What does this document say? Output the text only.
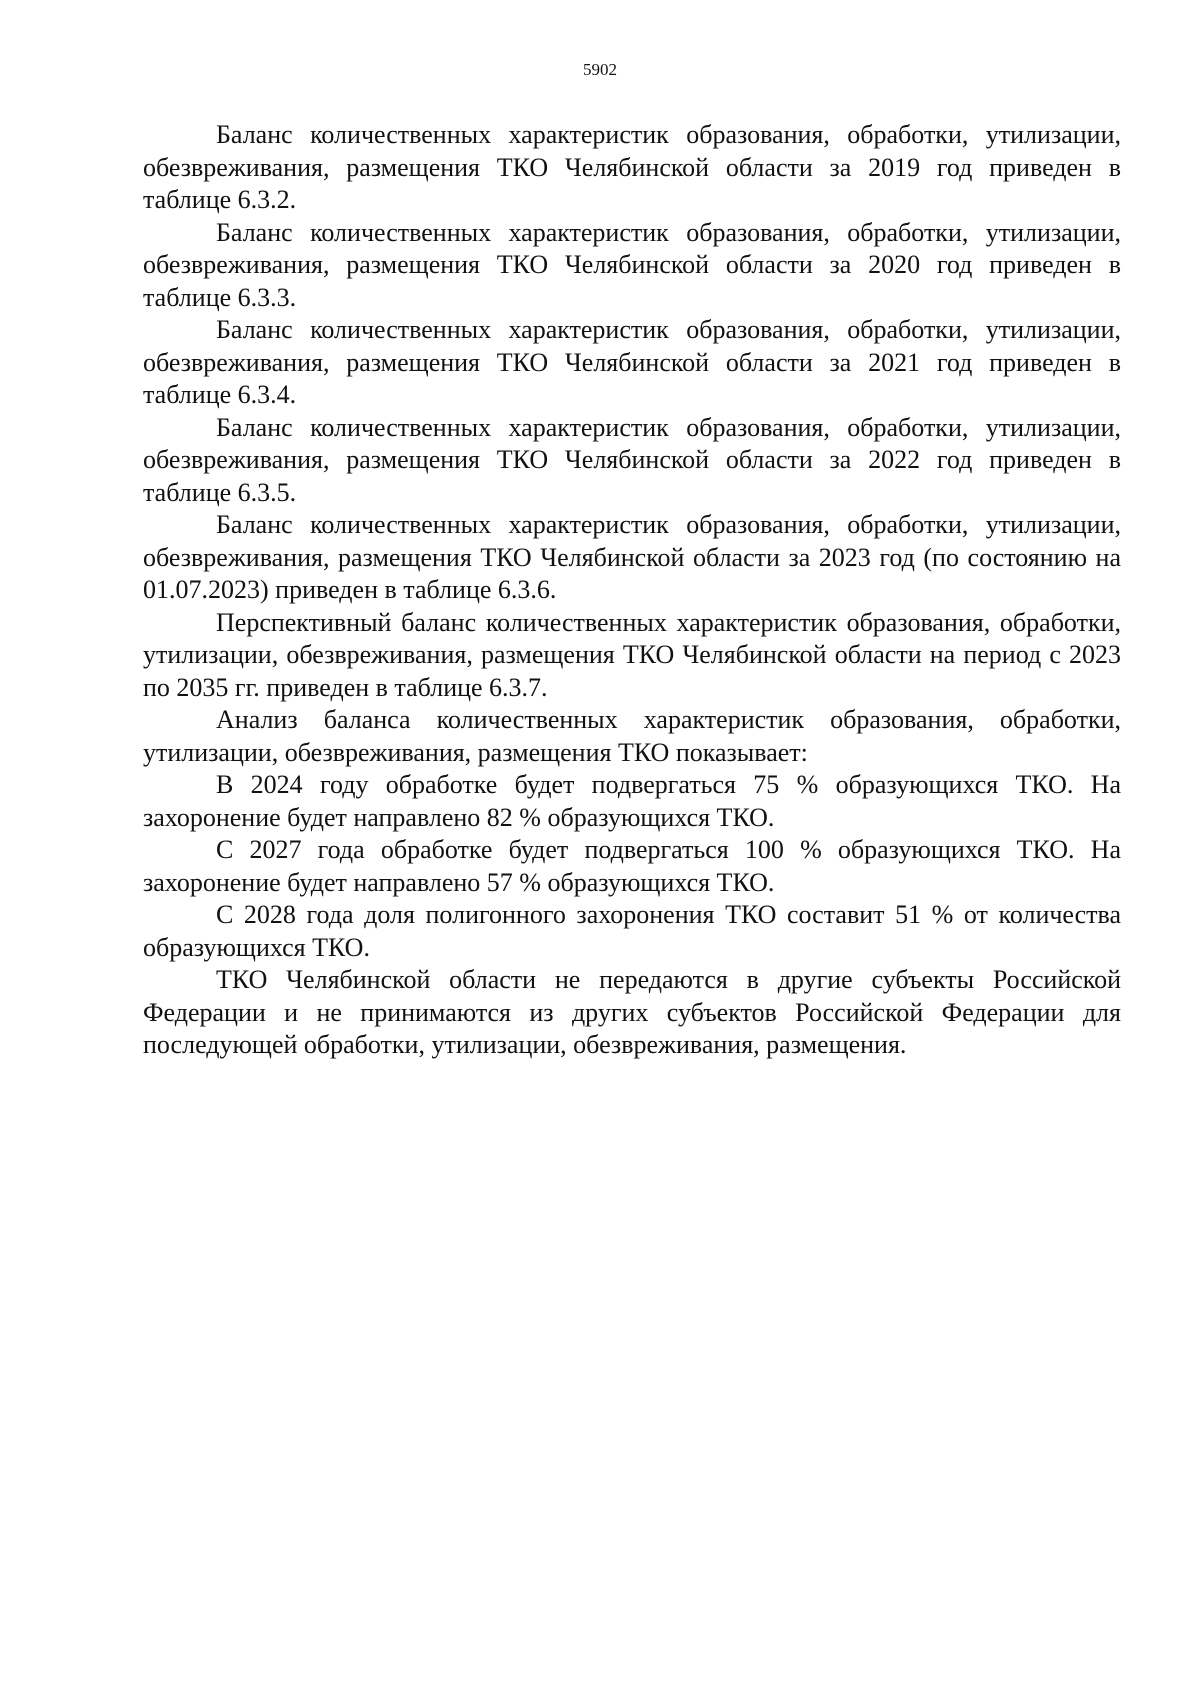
5902

Баланс количественных характеристик образования, обработки, утилизации, обезвреживания, размещения ТКО Челябинской области за 2019 год приведен в таблице 6.3.2.

Баланс количественных характеристик образования, обработки, утилизации, обезвреживания, размещения ТКО Челябинской области за 2020 год приведен в таблице 6.3.3.

Баланс количественных характеристик образования, обработки, утилизации, обезвреживания, размещения ТКО Челябинской области за 2021 год приведен в таблице 6.3.4.

Баланс количественных характеристик образования, обработки, утилизации, обезвреживания, размещения ТКО Челябинской области за 2022 год приведен в таблице 6.3.5.

Баланс количественных характеристик образования, обработки, утилизации, обезвреживания, размещения ТКО Челябинской области за 2023 год (по состоянию на 01.07.2023) приведен в таблице 6.3.6.

Перспективный баланс количественных характеристик образования, обработки, утилизации, обезвреживания, размещения ТКО Челябинской области на период с 2023 по 2035 гг. приведен в таблице 6.3.7.

Анализ баланса количественных характеристик образования, обработки, утилизации, обезвреживания, размещения ТКО показывает:

В 2024 году обработке будет подвергаться 75 % образующихся ТКО. На захоронение будет направлено 82 % образующихся ТКО.

С 2027 года обработке будет подвергаться 100 % образующихся ТКО. На захоронение будет направлено 57 % образующихся ТКО.

С 2028 года доля полигонного захоронения ТКО составит 51 % от количества образующихся ТКО.

ТКО Челябинской области не передаются в другие субъекты Российской Федерации и не принимаются из других субъектов Российской Федерации для последующей обработки, утилизации, обезвреживания, размещения.
